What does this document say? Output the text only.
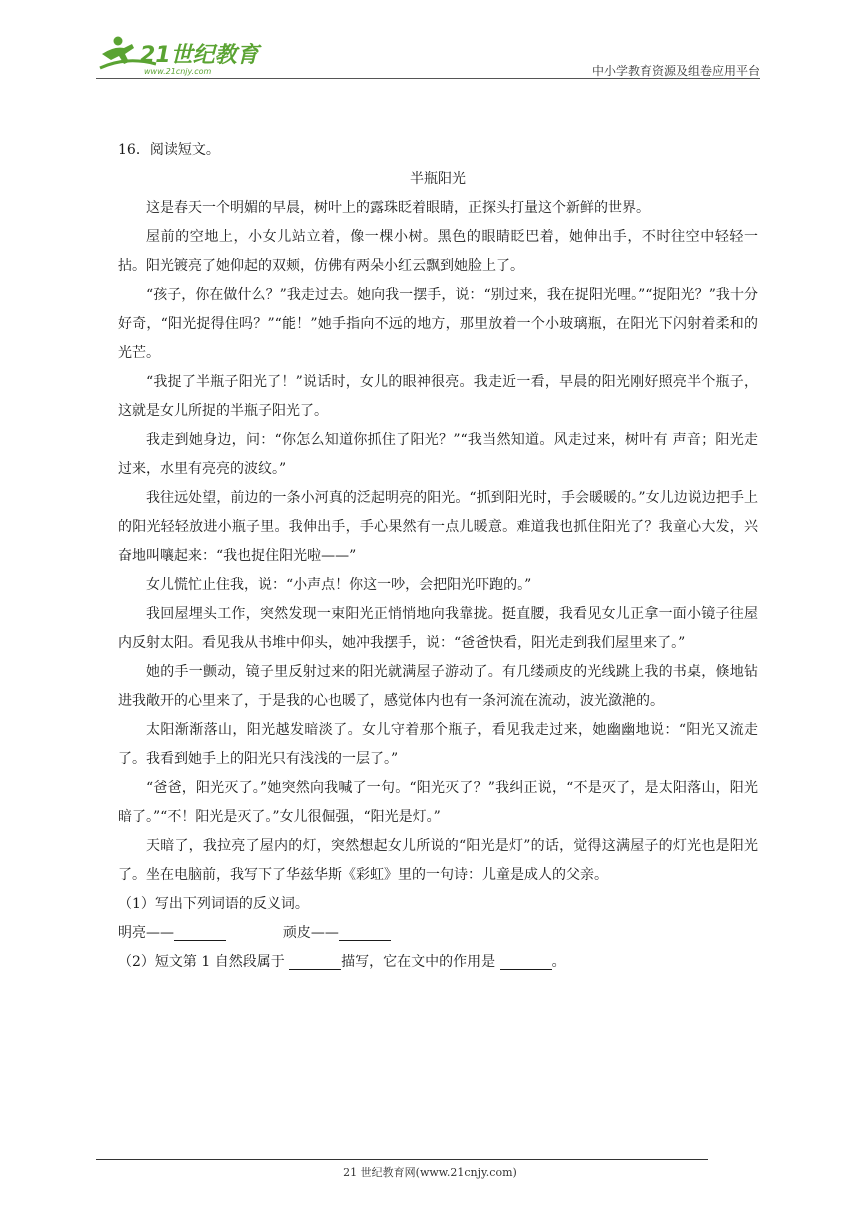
21世纪教育
www.21cnjy.com	中小学教育资源及组卷应用平台

16．阅读短文。

半瓶阳光

这是春天一个明媚的早晨，树叶上的露珠眨着眼睛，正探头打量这个新鲜的世界。

屋前的空地上，小女儿站立着，像一棵小树。黑色的眼睛眨巴着，她伸出手，不时往空中轻轻一拈。阳光镀亮了她仰起的双颊，仿佛有两朵小红云飘到她脸上了。

“孩子，你在做什么？”我走过去。她向我一摆手，说：“别过来，我在捉阳光哩。”“捉阳光？”我十分好奇，“阳光捉得住吗？”“能！”她手指向不远的地方，那里放着一个小玻璃瓶，在阳光下闪射着柔和的光芒。

“我捉了半瓶子阳光了！”说话时，女儿的眼神很亮。我走近一看，早晨的阳光刚好照亮半个瓶子，这就是女儿所捉的半瓶子阳光了。

我走到她身边，问：“你怎么知道你抓住了阳光？”“我当然知道。风走过来，树叶有 声音；阳光走过来，水里有亮亮的波纹。”

我往远处望，前边的一条小河真的泛起明亮的阳光。“抓到阳光时，手会暖暖的。”女儿边说边把手上的阳光轻轻放进小瓶子里。我伸出手，手心果然有一点儿暖意。难道我也抓住阳光了？我童心大发，兴奋地叫嚷起来：“我也捉住阳光啦——”

女儿慌忙止住我，说：“小声点！你这一吵，会把阳光吓跑的。”

我回屋埋头工作，突然发现一束阳光正悄悄地向我靠拢。挺直腰，我看见女儿正拿一面小镜子往屋内反射太阳。看见我从书堆中仰头，她冲我摆手，说：“爸爸快看，阳光走到我们屋里来了。”

她的手一颤动，镜子里反射过来的阳光就满屋子游动了。有几缕顽皮的光线跳上我的书桌，倏地钻进我敞开的心里来了，于是我的心也暖了，感觉体内也有一条河流在流动，波光潋滟的。

太阳渐渐落山，阳光越发暗淡了。女儿守着那个瓶子，看见我走过来，她幽幽地说：“阳光又流走了。我看到她手上的阳光只有浅浅的一层了。”

“爸爸，阳光灭了。”她突然向我喊了一句。“阳光灭了？”我纠正说，“不是灭了，是太阳落山，阳光暗了。”“不！阳光是灭了。”女儿很倔强，“阳光是灯。”

天暗了，我拉亮了屋内的灯，突然想起女儿所说的“阳光是灯”的话，觉得这满屋子的灯光也是阳光了。坐在电脑前，我写下了华兹华斯《彩虹》里的一句诗：儿童是成人的父亲。

（1）写出下列词语的反义词。

明亮——	顽皮——

（2）短文第 1 自然段属于	描写，它在文中的作用是	。

21 世纪教育网(www.21cnjy.com)
